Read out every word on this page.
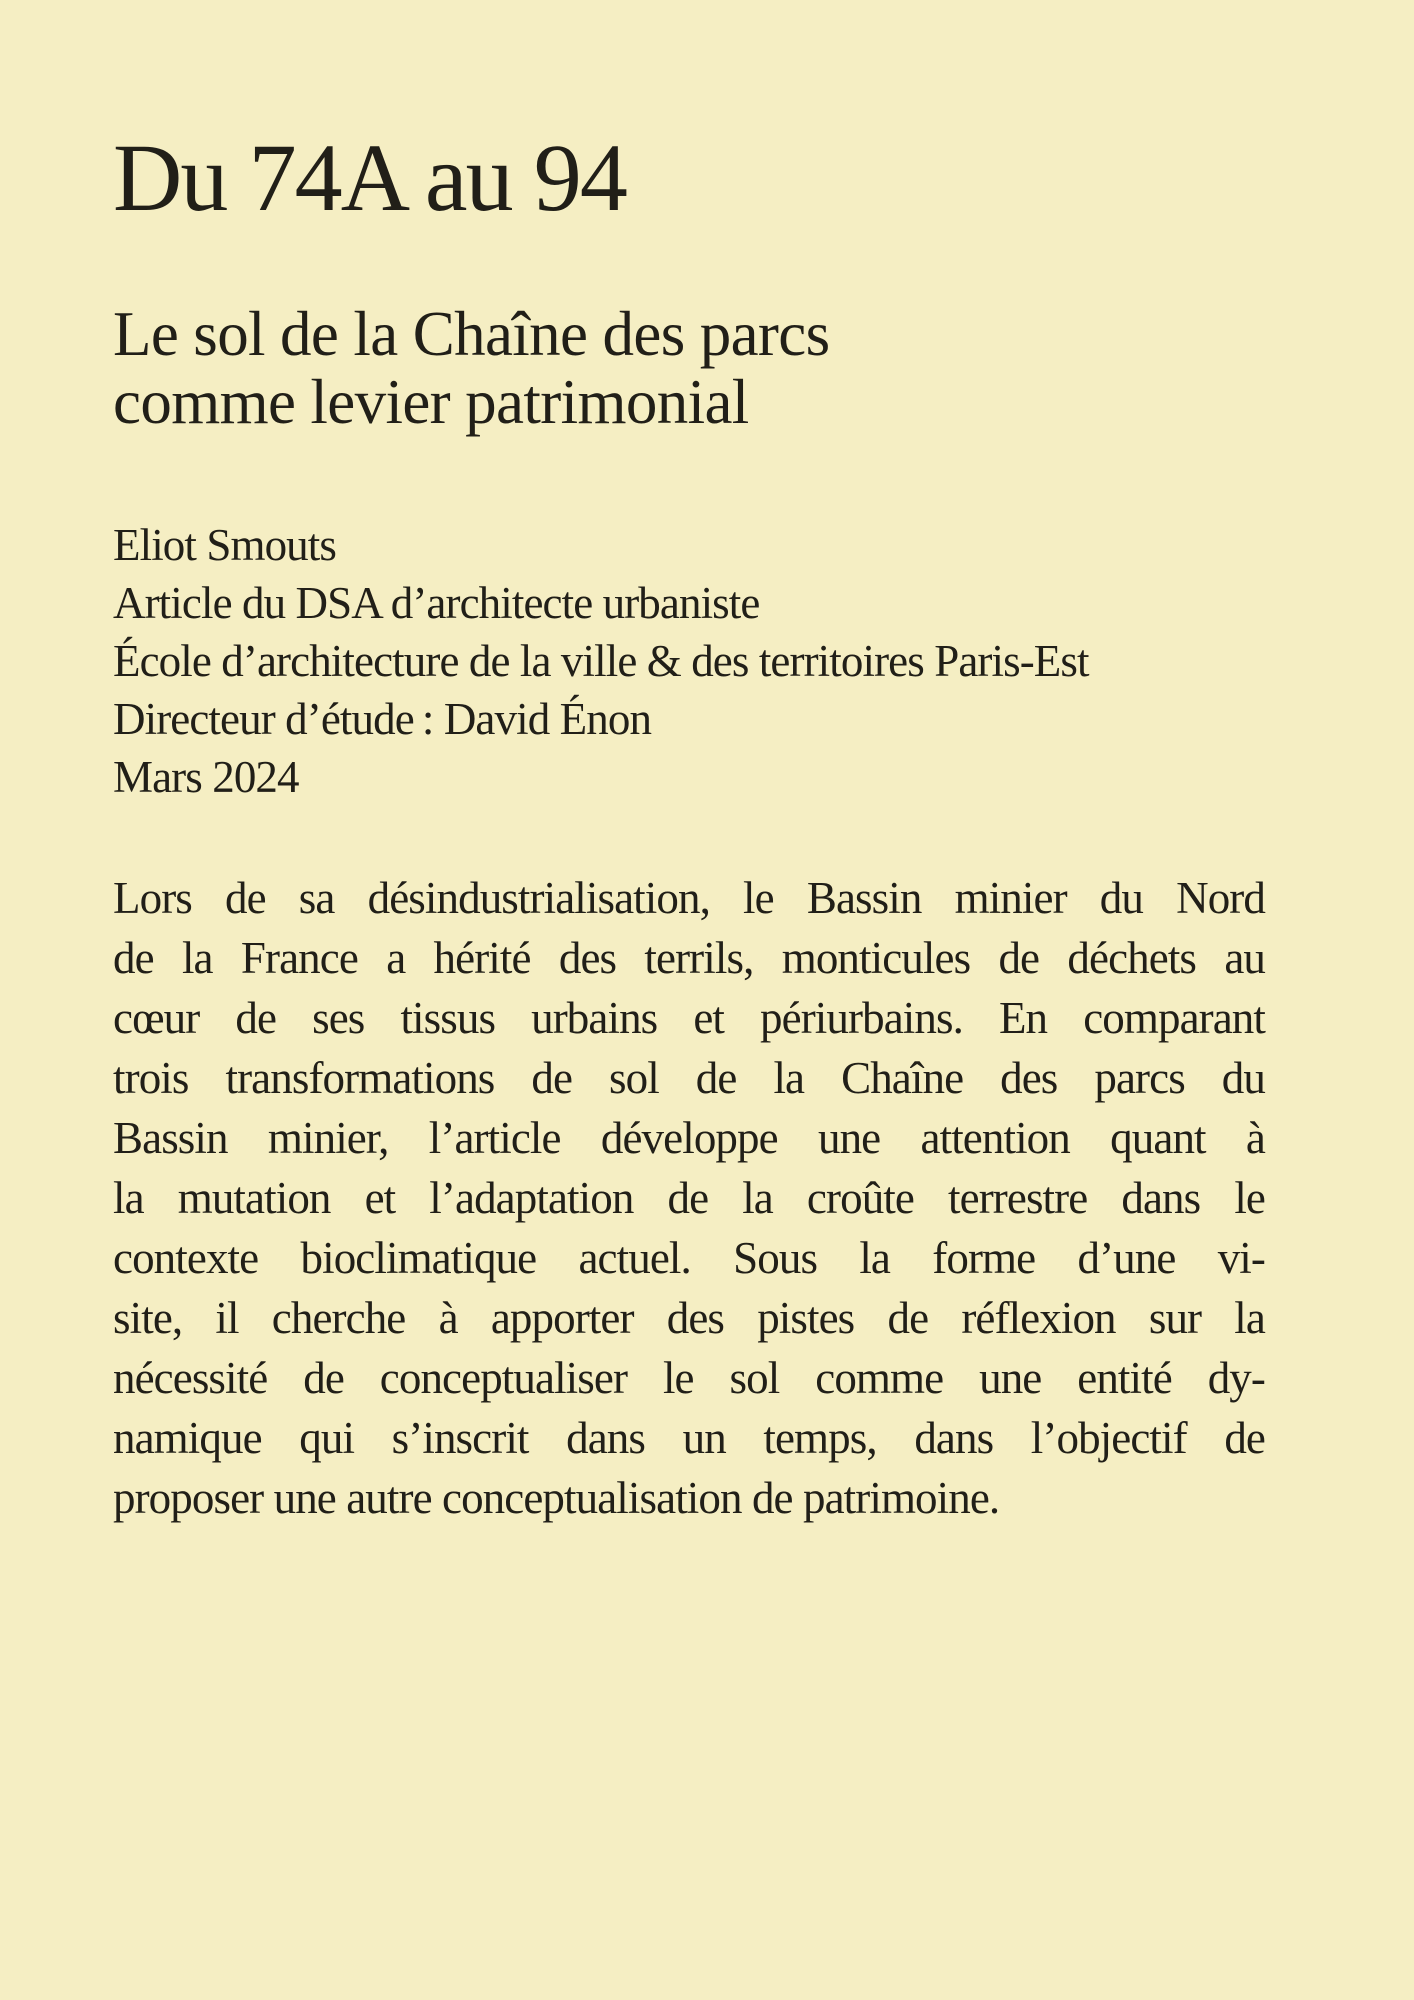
Du 74A au 94
Le sol de la Chaîne des parcs
comme levier patrimonial
Eliot Smouts
Article du DSA d’architecte urbaniste
École d’architecture de la ville & des territoires Paris-Est
Directeur d’étude : David Énon
Mars 2024
Lors de sa désindustrialisation, le Bassin minier du Nord
de la France a hérité des terrils, monticules de déchets au
cœur de ses tissus urbains et périurbains. En comparant
trois transformations de sol de la Chaîne des parcs du
Bassin minier, l’article développe une attention quant à
la mutation et l’adaptation de la croûte terrestre dans le
contexte bioclimatique actuel. Sous la forme d’une vi-
site, il cherche à apporter des pistes de réflexion sur la
nécessité de conceptualiser le sol comme une entité dy-
namique qui s’inscrit dans un temps, dans l’objectif de
proposer une autre conceptualisation de patrimoine.
